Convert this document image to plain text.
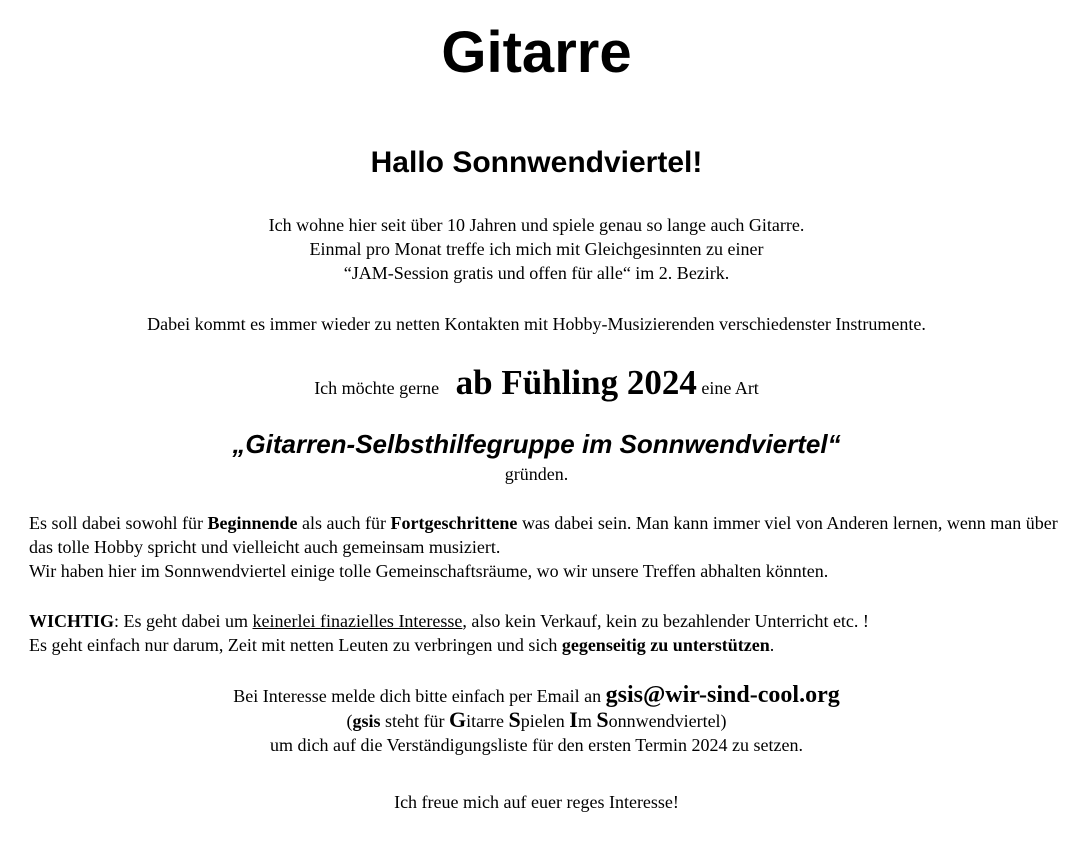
Gitarre
Hallo Sonnwendviertel!

Ich wohne hier seit über 10 Jahren und spiele genau so lange auch Gitarre.
Einmal pro Monat treffe ich mich mit Gleichgesinnten zu einer
“JAM-Session gratis und offen für alle“ im 2. Bezirk.

Dabei kommt es immer wieder zu netten Kontakten mit Hobby-Musizierenden verschiedenster Instrumente.

Ich möchte gerne ab Fühling 2024 eine Art

„Gitarren-Selbsthilfegruppe im Sonnwendviertel“

gründen.

Es soll dabei sowohl für Beginnende als auch für Fortgeschrittene was dabei sein. Man kann immer viel von Anderen lernen, wenn man über das tolle Hobby spricht und vielleicht auch gemeinsam musiziert.
Wir haben hier im Sonnwendviertel einige tolle Gemeinschaftsräume, wo wir unsere Treffen abhalten könnten.

WICHTIG: Es geht dabei um keinerlei finazielles Interesse, also kein Verkauf, kein zu bezahlender Unterricht etc. !
Es geht einfach nur darum, Zeit mit netten Leuten zu verbringen und sich gegenseitig zu unterstützen.

Bei Interesse melde dich bitte einfach per Email an gsis@wir-sind-cool.org
(gsis steht für Gitarre Spielen Im Sonnwendviertel)
um dich auf die Verständigungsliste für den ersten Termin 2024 zu setzen.

Ich freue mich auf euer reges Interesse!
